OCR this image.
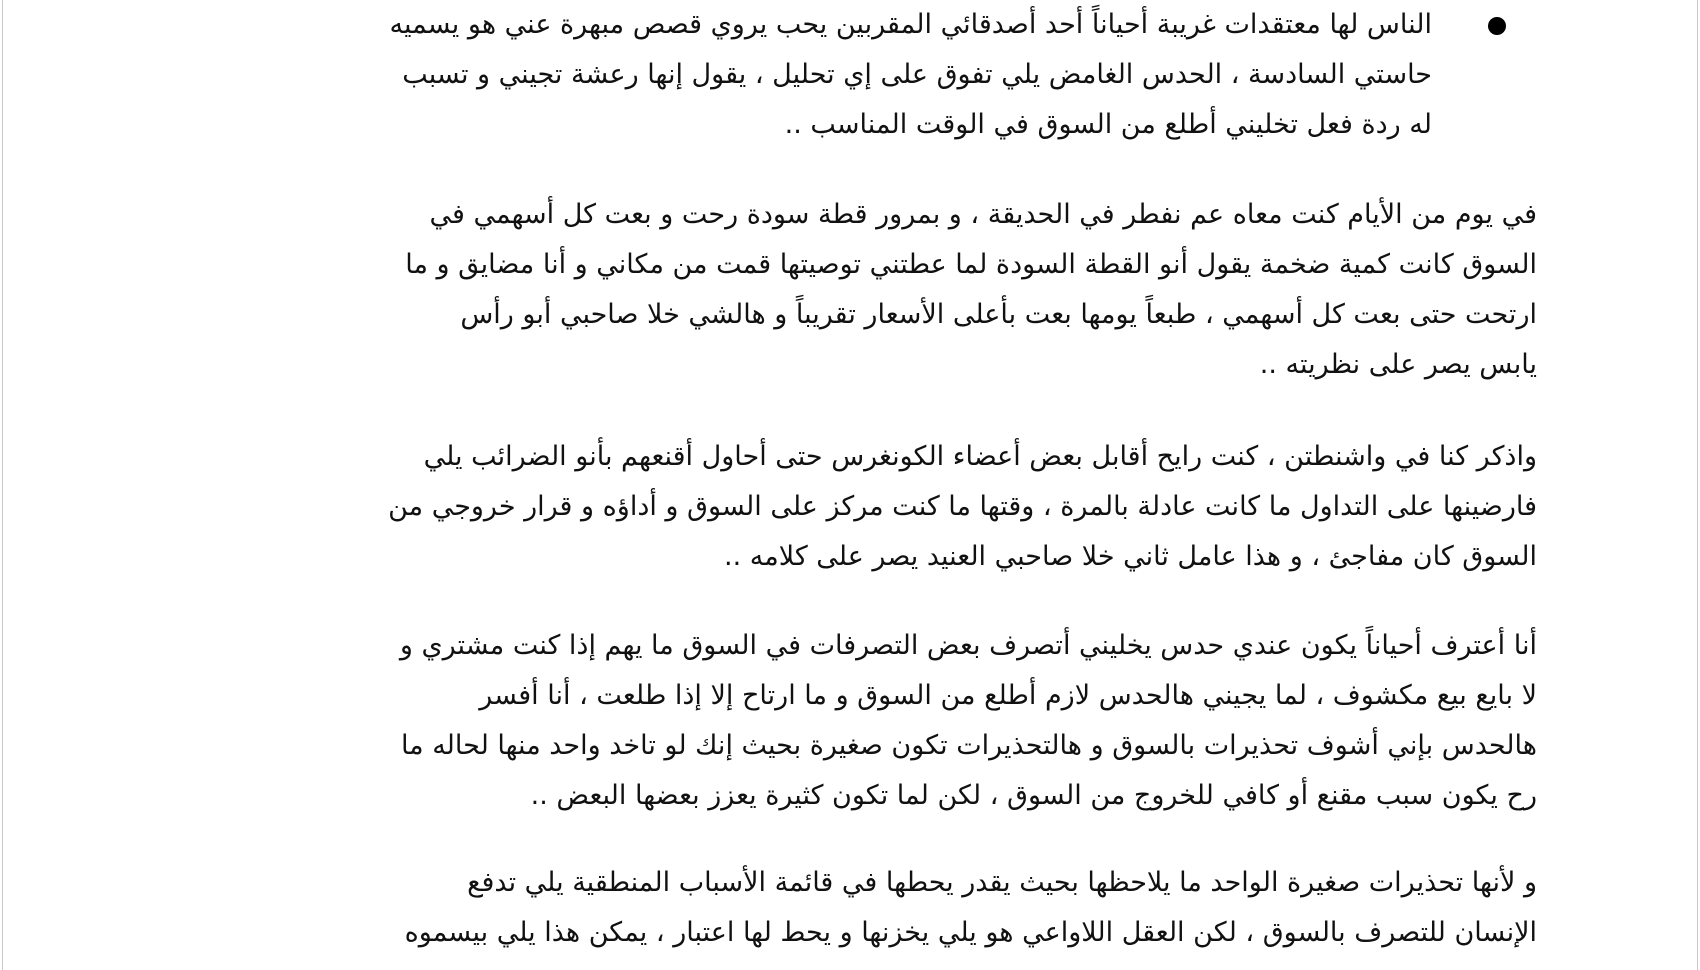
الناس لها معتقدات غريبة أحياناً أحد أصدقائي المقربين يحب يروي قصص مبهرة عني هو يسميه
حاستي السادسة ، الحدس الغامض يلي تفوق على إي تحليل ، يقول إنها رعشة تجيني و تسبب
له ردة فعل تخليني أطلع من السوق في الوقت المناسب ..
في يوم من الأيام كنت معاه عم نفطر في الحديقة ، و بمرور قطة سودة رحت و بعت كل أسهمي في
السوق كانت كمية ضخمة يقول أنو القطة السودة لما عطتني توصيتها قمت من مكاني و أنا مضايق و ما
ارتحت حتى بعت كل أسهمي ، طبعاً يومها بعت بأعلى الأسعار تقريباً و هالشي خلا صاحبي أبو رأس
يابس يصر على نظريته ..
واذكر كنا في واشنطتن ، كنت رايح أقابل بعض أعضاء الكونغرس حتى أحاول أقنعهم بأنو الضرائب يلي
فارضينها على التداول ما كانت عادلة بالمرة ، وقتها ما كنت مركز على السوق و أداؤه و قرار خروجي من
السوق كان مفاجئ ، و هذا عامل ثاني خلا صاحبي العنيد يصر على كلامه ..
أنا أعترف أحياناً يكون عندي حدس يخليني أتصرف بعض التصرفات في السوق ما يهم إذا كنت مشتري و
لا بايع بيع مكشوف ، لما يجيني هالحدس لازم أطلع من السوق و ما ارتاح إلا إذا طلعت ، أنا أفسر
هالحدس بإني أشوف تحذيرات بالسوق و هالتحذيرات تكون صغيرة بحيث إنك لو تاخد واحد منها لحاله ما
رح يكون سبب مقنع أو كافي للخروج من السوق ، لكن لما تكون كثيرة يعزز بعضها البعض ..
و لأنها تحذيرات صغيرة الواحد ما يلاحظها بحيث يقدر يحطها في قائمة الأسباب المنطقية يلي تدفع
الإنسان للتصرف بالسوق ، لكن العقل اللاواعي هو يلي يخزنها و يحط لها اعتبار ، يمكن هذا يلي بيسموه
